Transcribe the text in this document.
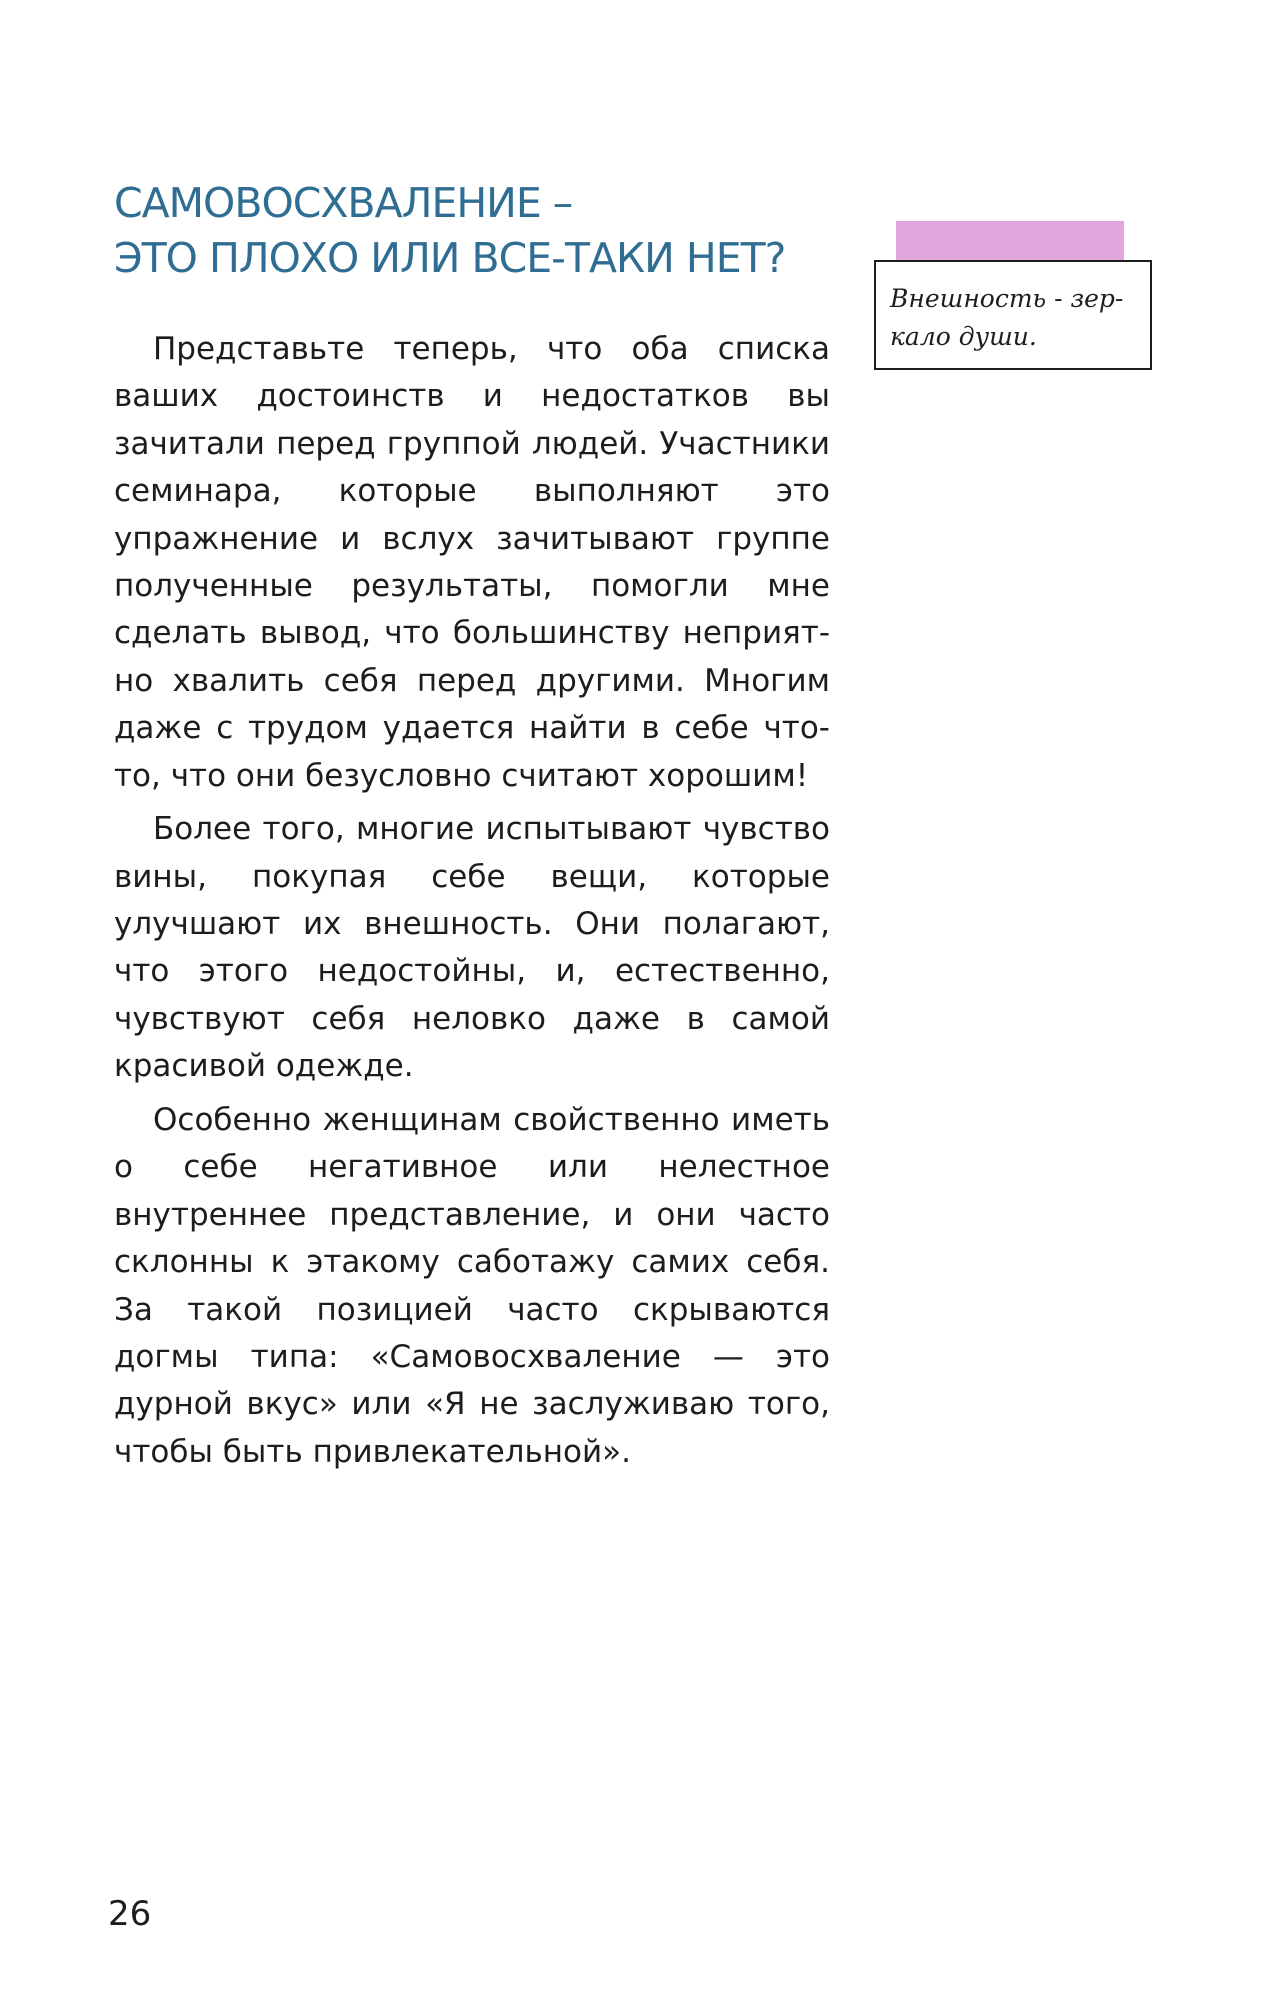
САМОВОСХВАЛЕНИЕ –
ЭТО ПЛОХО ИЛИ ВСЕ-ТАКИ НЕТ?

Внешность - зер-
кало души.

Представьте теперь, что оба списка ваших достоинств и недостатков вы зачитали перед группой людей. Участники семинара, которые выполняют это упражнение и вслух зачитывают группе полученные результаты, помогли мне сделать вывод, что большинству неприятно хвалить себя перед другими. Многим даже с трудом удается найти в себе что-то, что они безусловно считают хорошим!

Более того, многие испытывают чувство вины, покупая себе вещи, которые улучшают их внешность. Они полагают, что этого недостойны, и, естественно, чувствуют себя неловко даже в самой красивой одежде.

Особенно женщинам свойственно иметь о себе негативное или нелестное внутреннее представление, и они часто склонны к этакому саботажу самих себя. За такой позицией часто скрываются догмы типа: «Самовосхваление — это дурной вкус» или «Я не заслуживаю того, чтобы быть привлекательной».

26
